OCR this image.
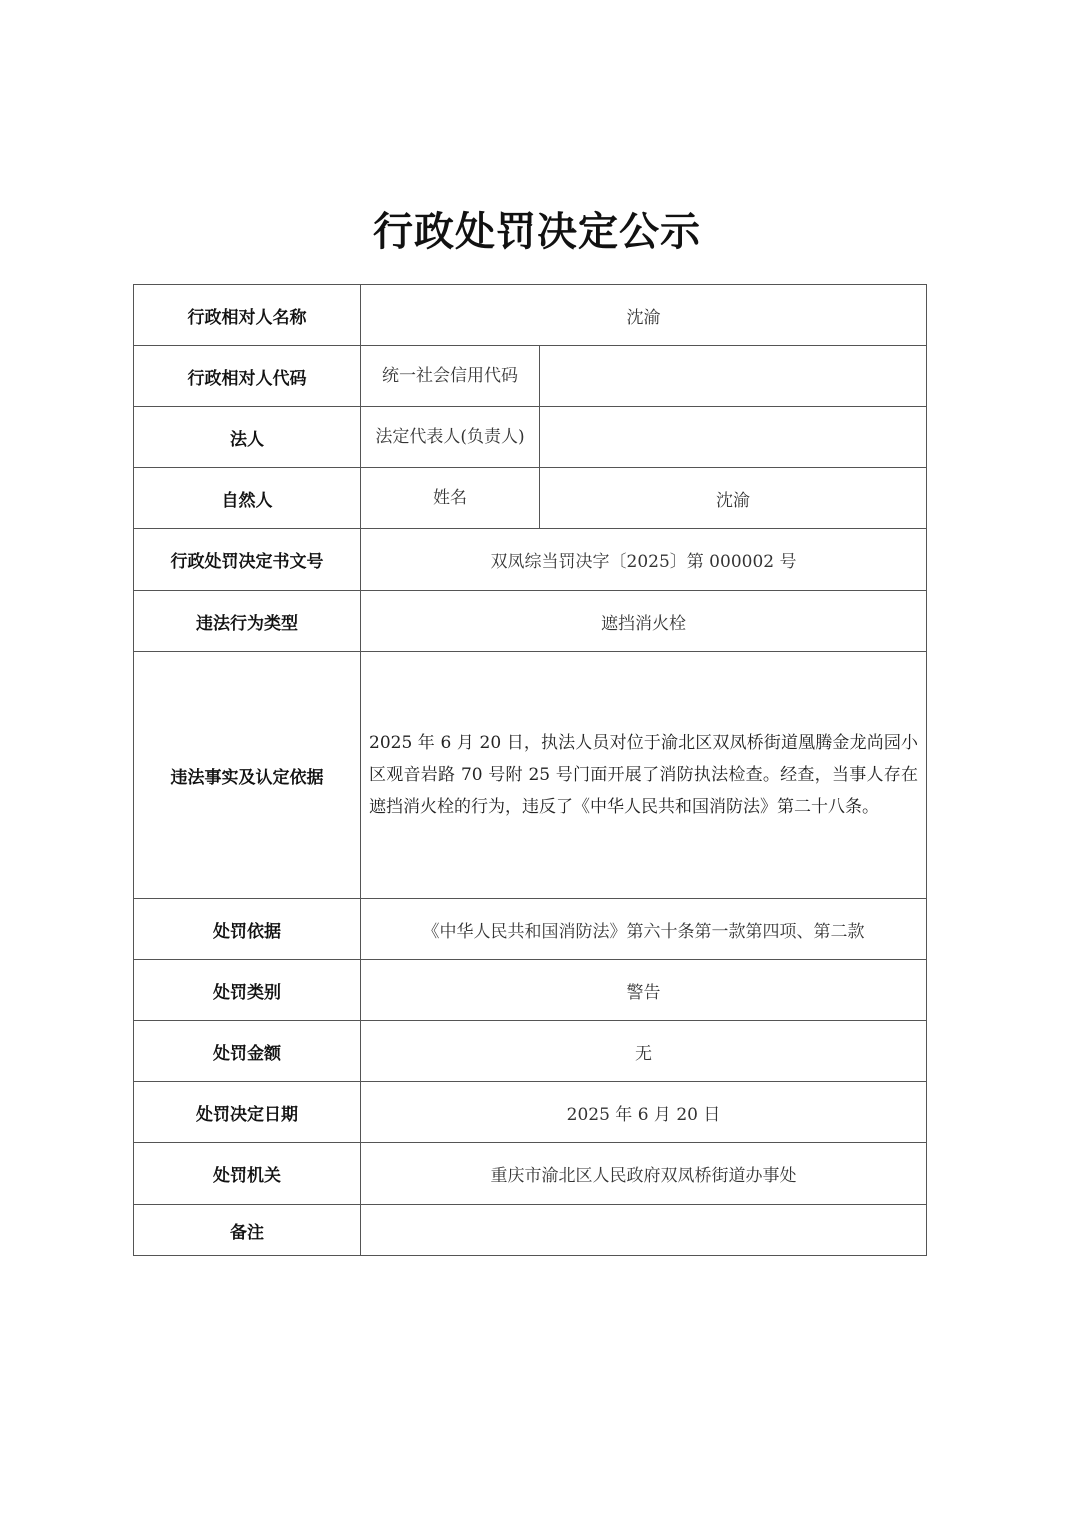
行政处罚决定公示
行政相对人名称	沈渝	
行政相对人代码	统一社会信用代码	
法人	法定代表人(负责人)	
自然人	姓名	沈渝
行政处罚决定书文号	双凤综当罚决字〔2025〕第 000002 号	
违法行为类型	遮挡消火栓	
违法事实及认定依据	2025 年 6 月 20 日，执法人员对位于渝北区双凤桥街道凰腾金龙尚园小区观音岩路 70 号附 25 号门面开展了消防执法检查。经查，当事人存在遮挡消火栓的行为，违反了《中华人民共和国消防法》第二十八条。	
处罚依据	《中华人民共和国消防法》第六十条第一款第四项、第二款	
处罚类别	警告	
处罚金额	无	
处罚决定日期	2025 年 6 月 20 日	
处罚机关	重庆市渝北区人民政府双凤桥街道办事处	
备注		
